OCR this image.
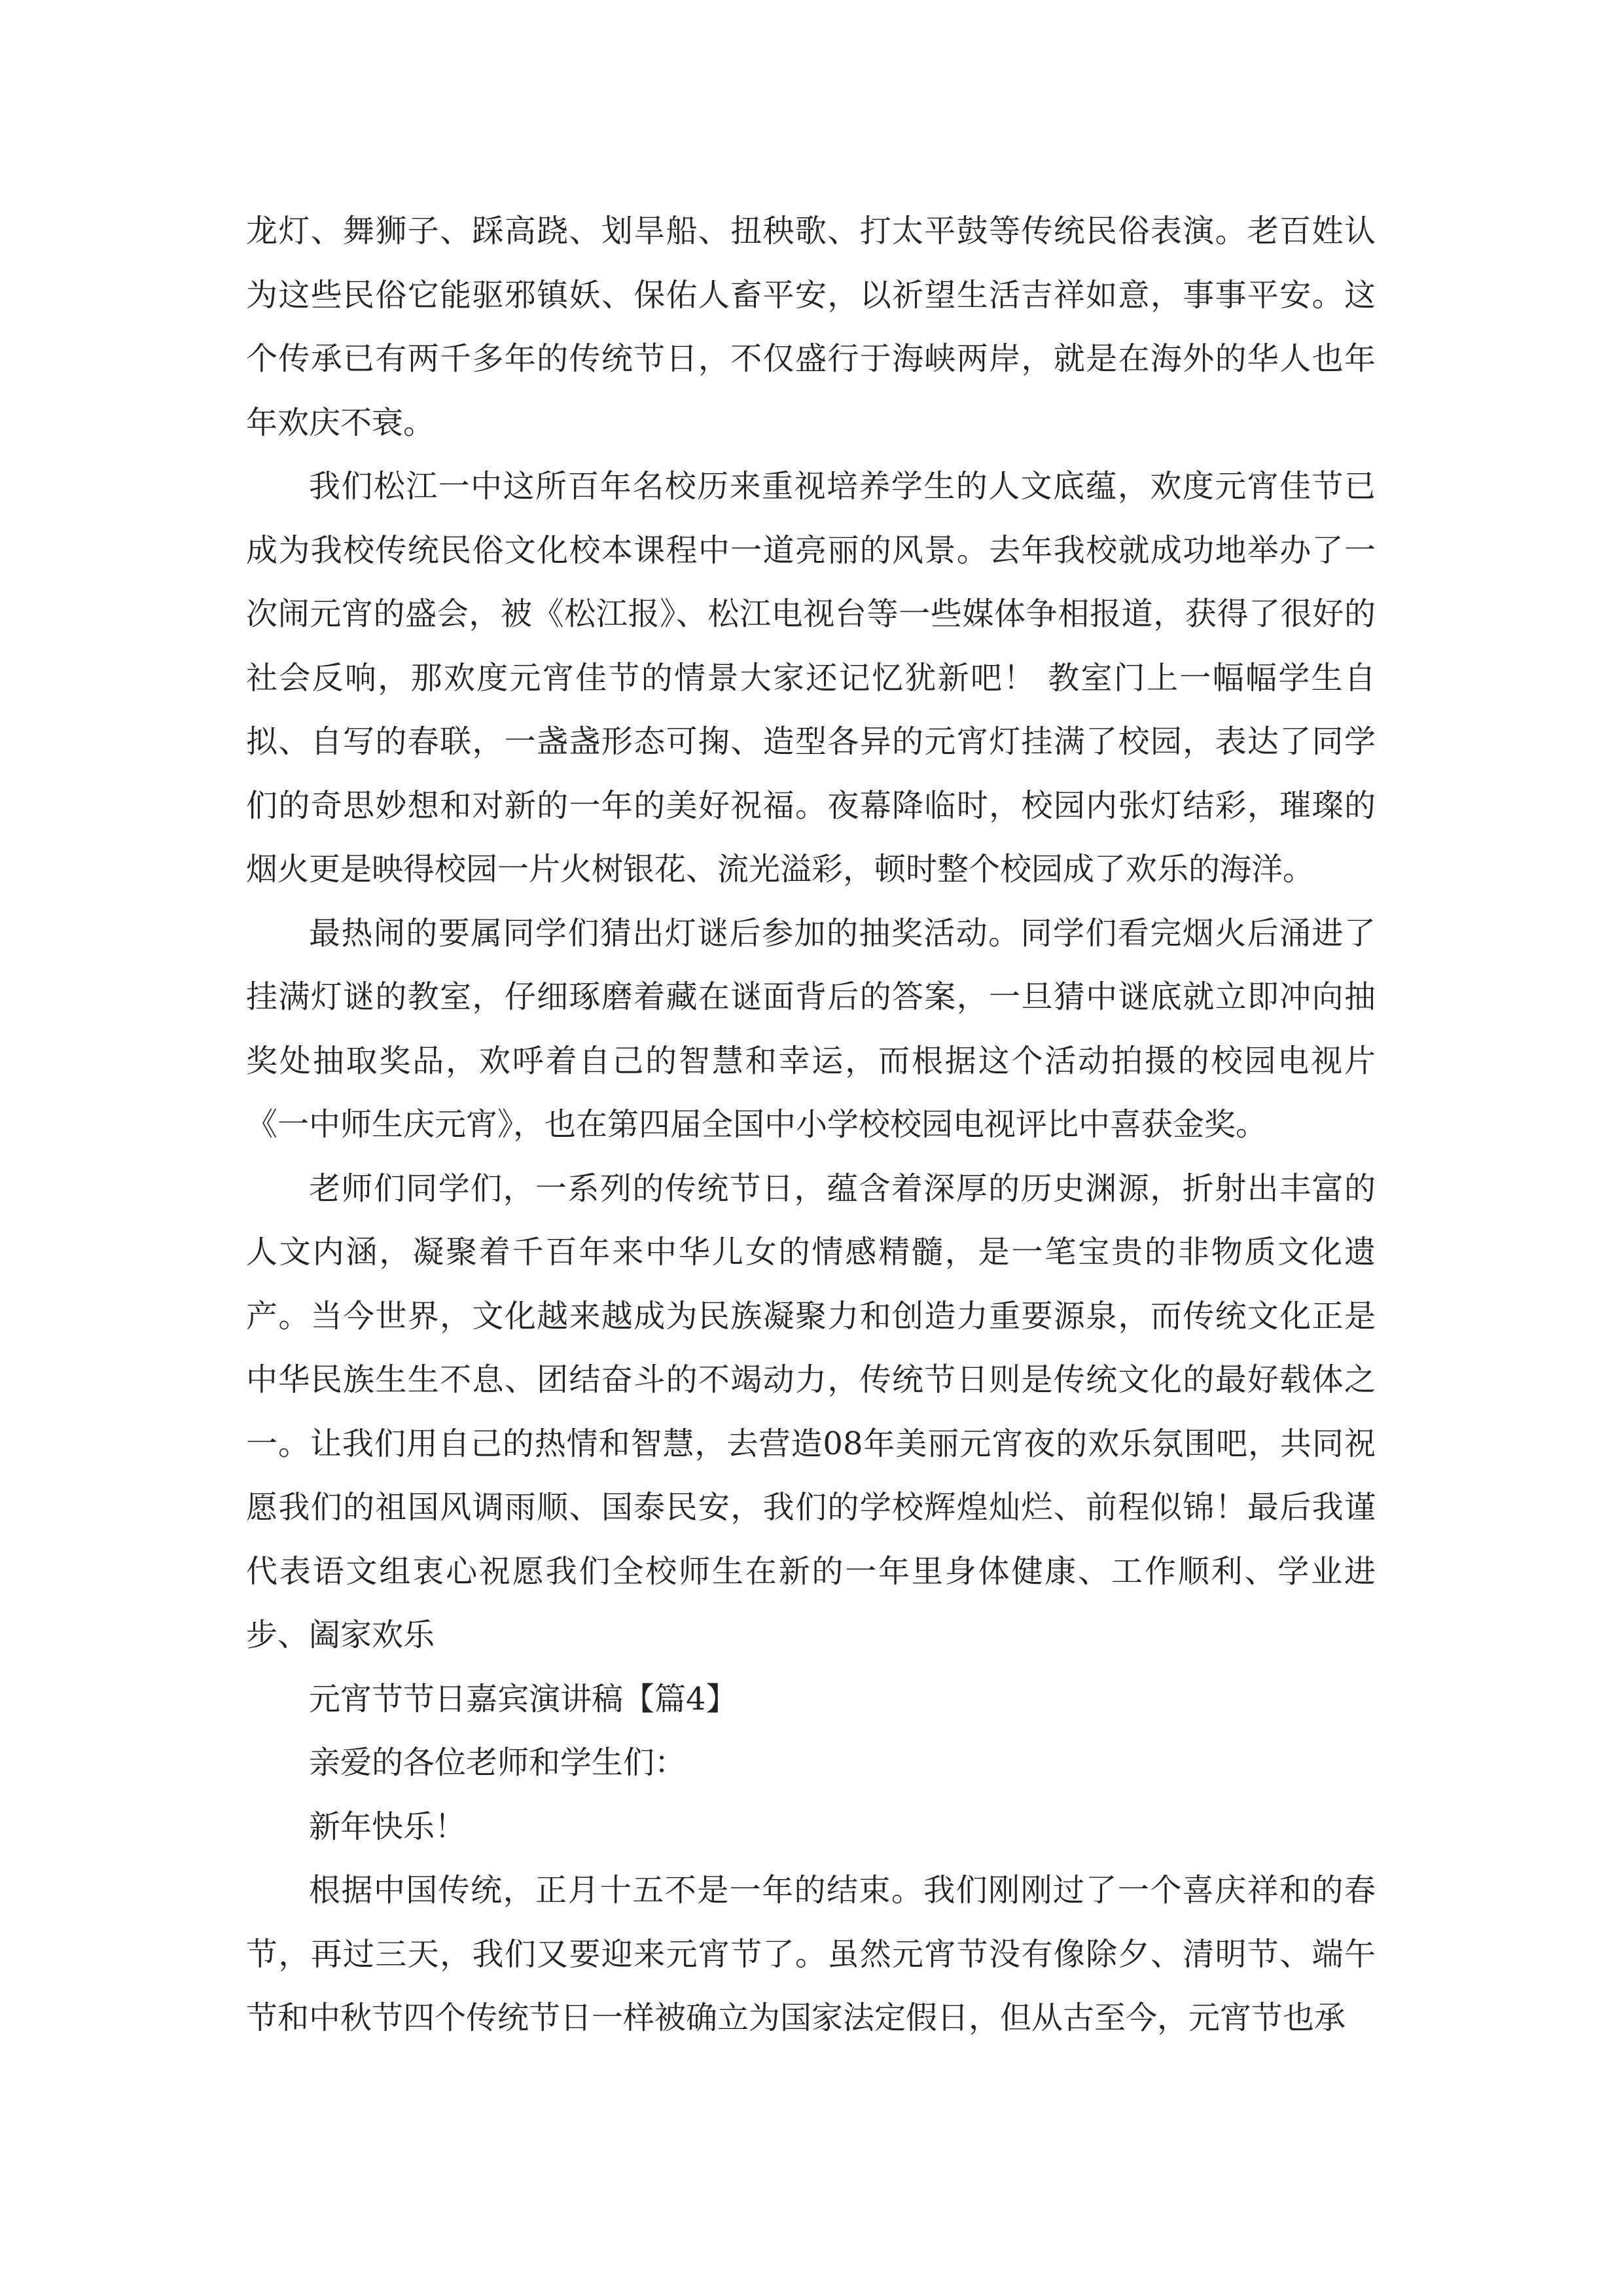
龙灯、舞狮子、踩高跷、划旱船、扭秧歌、打太平鼓等传统民俗表演。老百姓认为这些民俗它能驱邪镇妖、保佑人畜平安，以祈望生活吉祥如意，事事平安。这个传承已有两千多年的传统节日，不仅盛行于海峡两岸，就是在海外的华人也年年欢庆不衰。

我们松江一中这所百年名校历来重视培养学生的人文底蕴，欢度元宵佳节已成为我校传统民俗文化校本课程中一道亮丽的风景。去年我校就成功地举办了一次闹元宵的盛会，被《松江报》、松江电视台等一些媒体争相报道，获得了很好的社会反响，那欢度元宵佳节的情景大家还记忆犹新吧！ 教室门上一幅幅学生自拟、自写的春联，一盏盏形态可掬、造型各异的元宵灯挂满了校园，表达了同学们的奇思妙想和对新的一年的美好祝福。夜幕降临时，校园内张灯结彩，璀璨的烟火更是映得校园一片火树银花、流光溢彩，顿时整个校园成了欢乐的海洋。

最热闹的要属同学们猜出灯谜后参加的抽奖活动。同学们看完烟火后涌进了挂满灯谜的教室，仔细琢磨着藏在谜面背后的答案，一旦猜中谜底就立即冲向抽奖处抽取奖品，欢呼着自己的智慧和幸运，而根据这个活动拍摄的校园电视片《一中师生庆元宵》，也在第四届全国中小学校校园电视评比中喜获金奖。

老师们同学们，一系列的传统节日，蕴含着深厚的历史渊源，折射出丰富的人文内涵，凝聚着千百年来中华儿女的情感精髓，是一笔宝贵的非物质文化遗产。当今世界，文化越来越成为民族凝聚力和创造力重要源泉，而传统文化正是中华民族生生不息、团结奋斗的不竭动力，传统节日则是传统文化的最好载体之一。让我们用自己的热情和智慧，去营造08年美丽元宵夜的欢乐氛围吧，共同祝愿我们的祖国风调雨顺、国泰民安，我们的学校辉煌灿烂、前程似锦！最后我谨代表语文组衷心祝愿我们全校师生在新的一年里身体健康、工作顺利、学业进步、阖家欢乐

元宵节节日嘉宾演讲稿【篇4】

亲爱的各位老师和学生们：

新年快乐！

根据中国传统，正月十五不是一年的结束。我们刚刚过了一个喜庆祥和的春节，再过三天，我们又要迎来元宵节了。虽然元宵节没有像除夕、清明节、端午节和中秋节四个传统节日一样被确立为国家法定假日，但从古至今，元宵节也承
